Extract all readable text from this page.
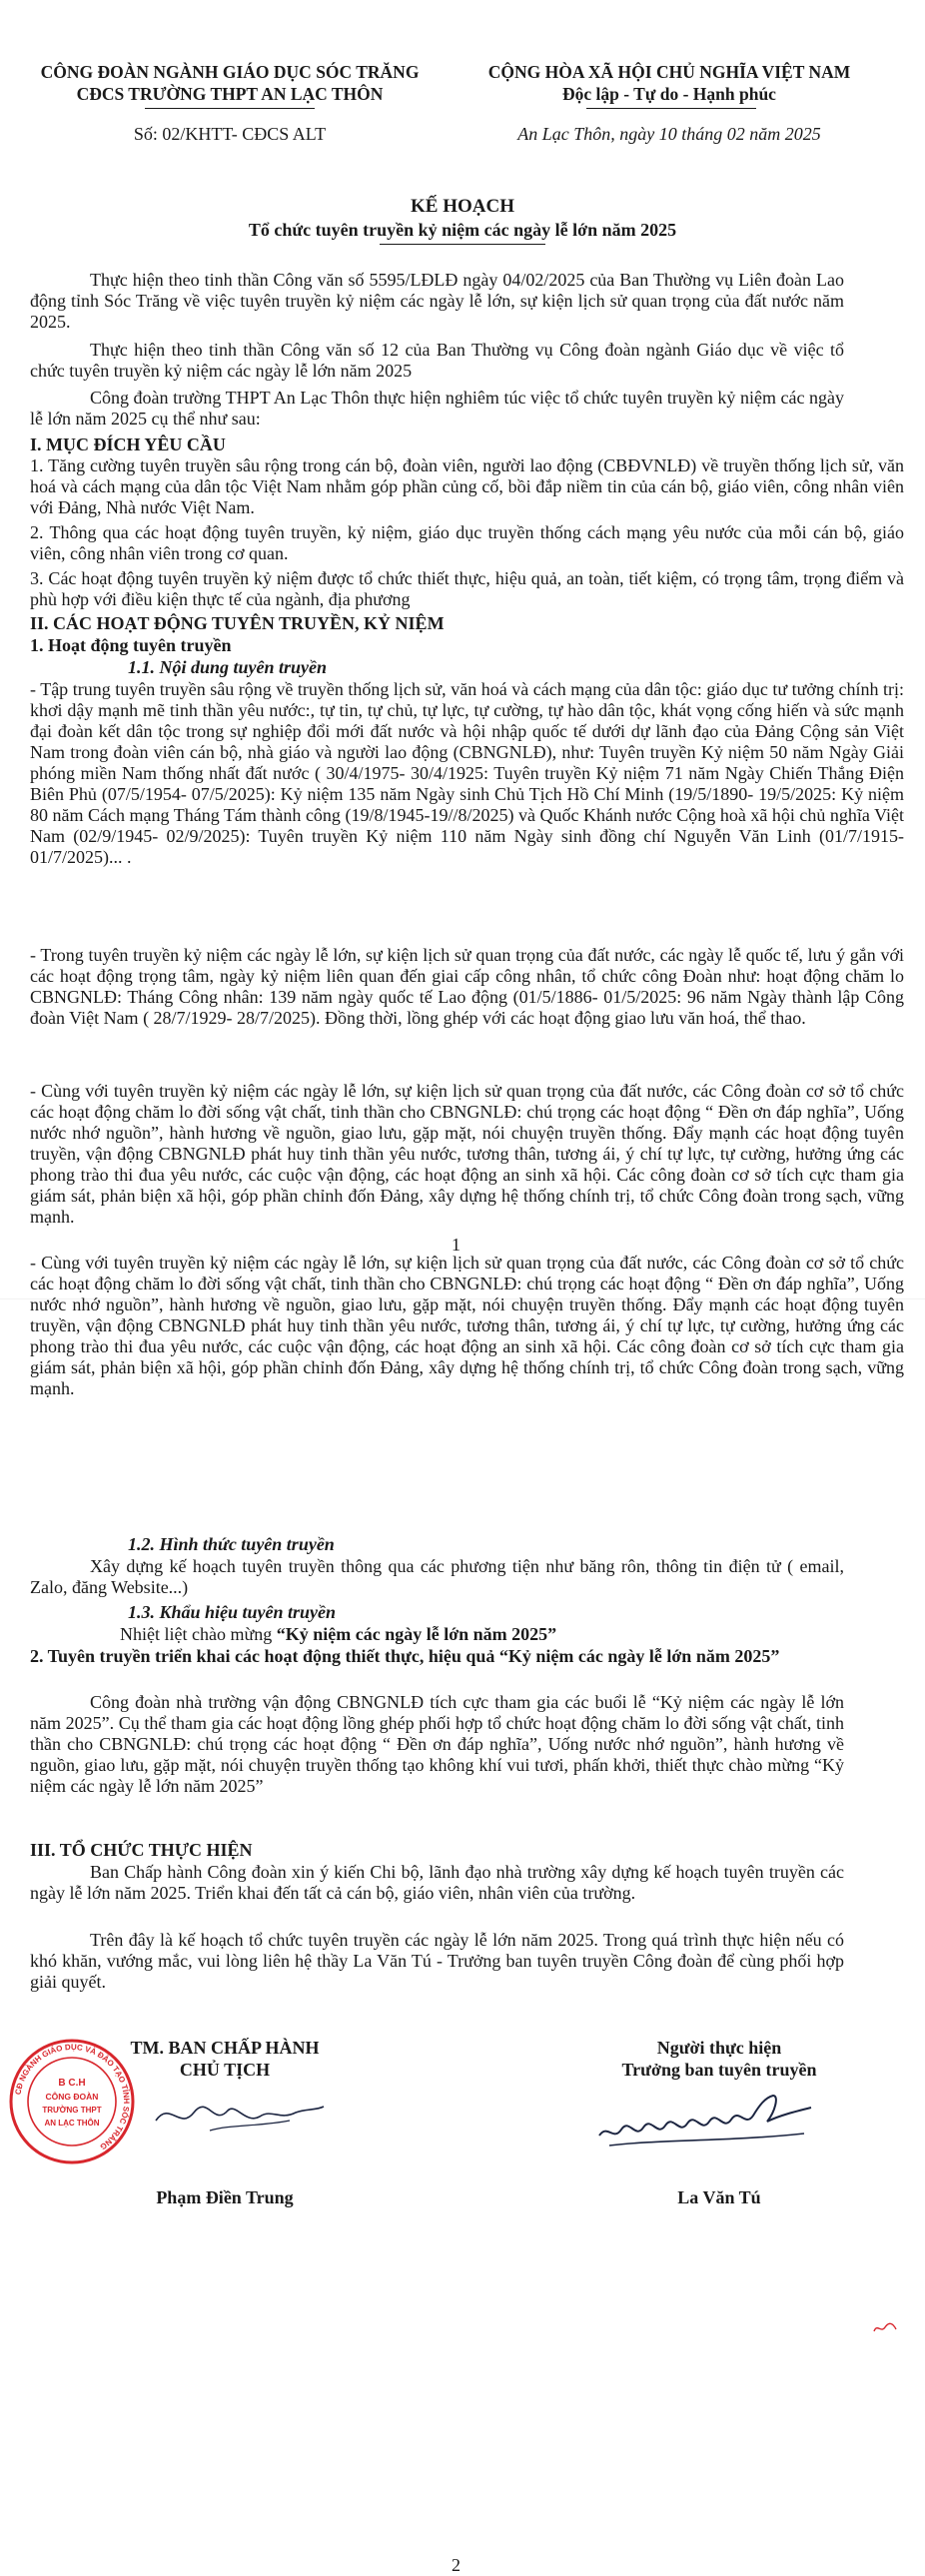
CÔNG ĐOÀN NGÀNH GIÁO DỤC SÓC TRĂNG

CĐCS TRƯỜNG THPT AN LẠC THÔN

Số: 02/KHTT- CĐCS ALT

CỘNG HÒA XÃ HỘI CHỦ NGHĨA VIỆT NAM

Độc lập - Tự do - Hạnh phúc

An Lạc Thôn, ngày 10 tháng 02 năm 2025

KẾ HOẠCH

Tổ chức tuyên truyền kỷ niệm các ngày lễ lớn năm 2025

Thực hiện theo tinh thần Công văn số 5595/LĐLĐ ngày 04/02/2025 của Ban Thường vụ Liên đoàn Lao động tỉnh Sóc Trăng về việc tuyên truyền kỷ niệm các ngày lễ lớn, sự kiện lịch sử quan trọng của đất nước năm 2025.

Thực hiện theo tinh thần Công văn số 12 của Ban Thường vụ Công đoàn ngành Giáo dục về việc tổ chức tuyên truyền kỷ niệm các ngày lễ lớn năm 2025

Công đoàn trường THPT An Lạc Thôn thực hiện nghiêm túc việc tổ chức tuyên truyền kỷ niệm các ngày lễ lớn năm 2025 cụ thể như sau:

I. MỤC ĐÍCH YÊU CẦU

1. Tăng cường tuyên truyền sâu rộng trong cán bộ, đoàn viên, người lao động (CBĐVNLĐ) về truyền thống lịch sử, văn hoá và cách mạng của dân tộc Việt Nam nhằm góp phần củng cố, bồi đắp niềm tin của cán bộ, giáo viên, công nhân viên với Đảng, Nhà nước Việt Nam.

2. Thông qua các hoạt động tuyên truyền, kỷ niệm, giáo dục truyền thống cách mạng yêu nước của mỗi cán bộ, giáo viên, công nhân viên trong cơ quan.

3. Các hoạt động tuyên truyền kỷ niệm được tổ chức thiết thực, hiệu quả, an toàn, tiết kiệm, có trọng tâm, trọng điểm và phù hợp với điều kiện thực tế của ngành, địa phương

II. CÁC HOẠT ĐỘNG TUYÊN TRUYỀN, KỶ NIỆM

1. Hoạt động tuyên truyền

1.1. Nội dung tuyên truyền

- Tập trung tuyên truyền sâu rộng về truyền thống lịch sử, văn hoá và cách mạng của dân tộc: giáo dục tư tưởng chính trị: khơi dậy mạnh mẽ tinh thần yêu nước:, tự tin, tự chủ, tự lực, tự cường, tự hào dân tộc, khát vọng cống hiến và sức mạnh đại đoàn kết dân tộc trong sự nghiệp đổi mới đất nước và hội nhập quốc tế dưới dự lãnh đạo của Đảng Cộng sản Việt Nam trong đoàn viên cán bộ, nhà giáo và người lao động (CBNGNLĐ), như: Tuyên truyền Kỷ niệm 50 năm Ngày Giải phóng miền Nam thống nhất đất nước ( 30/4/1975- 30/4/1925: Tuyên truyền Kỷ niệm 71 năm Ngày Chiến Thắng Điện Biên Phủ (07/5/1954- 07/5/2025): Kỷ niệm 135 năm Ngày sinh Chủ Tịch Hồ Chí Minh (19/5/1890- 19/5/2025: Kỷ niệm 80 năm Cách mạng Tháng Tám thành công (19/8/1945-19//8/2025) và Quốc Khánh nước Cộng hoà xã hội chủ nghĩa Việt Nam (02/9/1945- 02/9/2025): Tuyên truyền Kỷ niệm 110 năm Ngày sinh đồng chí Nguyễn Văn Linh (01/7/1915- 01/7/2025)... .

- Trong tuyên truyền kỷ niệm các ngày lễ lớn, sự kiện lịch sử quan trọng của đất nước, các ngày lễ quốc tế, lưu ý gắn với các hoạt động trọng tâm, ngày kỷ niệm liên quan đến giai cấp công nhân, tổ chức công Đoàn như: hoạt động chăm lo CBNGNLĐ: Tháng Công nhân: 139 năm ngày quốc tế Lao động (01/5/1886- 01/5/2025: 96 năm Ngày thành lập Công đoàn Việt Nam ( 28/7/1929- 28/7/2025). Đồng thời, lồng ghép với các hoạt động giao lưu văn hoá, thể thao.

- Cùng với tuyên truyền kỷ niệm các ngày lễ lớn, sự kiện lịch sử quan trọng của đất nước, các Công đoàn cơ sở tổ chức các hoạt động chăm lo đời sống vật chất, tinh thần cho CBNGNLĐ: chú trọng các hoạt động “ Đền ơn đáp nghĩa”, Uống nước nhớ nguồn”, hành hương về nguồn, giao lưu, gặp mặt, nói chuyện truyền thống. Đẩy mạnh các hoạt động tuyên truyền, vận động CBNGNLĐ phát huy tinh thần yêu nước, tương thân, tương ái, ý chí tự lực, tự cường, hưởng ứng các phong trào thi đua yêu nước, các cuộc vận động, các hoạt động an sinh xã hội. Các công đoàn cơ sở tích cực tham gia giám sát, phản biện xã hội, góp phần chỉnh đốn Đảng, xây dựng hệ thống chính trị, tổ chức Công đoàn trong sạch, vững mạnh.

1

- Cùng với tuyên truyền kỷ niệm các ngày lễ lớn, sự kiện lịch sử quan trọng của đất nước, các Công đoàn cơ sở tổ chức các hoạt động chăm lo đời sống vật chất, tinh thần cho CBNGNLĐ: chú trọng các hoạt động “ Đền ơn đáp nghĩa”, Uống nước nhớ nguồn”, hành hương về nguồn, giao lưu, gặp mặt, nói chuyện truyền thống. Đẩy mạnh các hoạt động tuyên truyền, vận động CBNGNLĐ phát huy tinh thần yêu nước, tương thân, tương ái, ý chí tự lực, tự cường, hưởng ứng các phong trào thi đua yêu nước, các cuộc vận động, các hoạt động an sinh xã hội. Các công đoàn cơ sở tích cực tham gia giám sát, phản biện xã hội, góp phần chỉnh đốn Đảng, xây dựng hệ thống chính trị, tổ chức Công đoàn trong sạch, vững mạnh.

1.2. Hình thức tuyên truyền

Xây dựng kế hoạch tuyên truyền thông qua các phương tiện như băng rôn, thông tin điện tử ( email, Zalo, đăng Website...)

1.3. Khẩu hiệu tuyên truyền

Nhiệt liệt chào mừng “Kỷ niệm các ngày lễ lớn năm 2025”

2. Tuyên truyền triển khai các hoạt động thiết thực, hiệu quả “Kỷ niệm các ngày lễ lớn năm 2025”

Công đoàn nhà trường vận động CBNGNLĐ tích cực tham gia các buổi lễ “Kỷ niệm các ngày lễ lớn năm 2025”. Cụ thể tham gia các hoạt động lồng ghép phối hợp tổ chức hoạt động chăm lo đời sống vật chất, tinh thần cho CBNGNLĐ: chú trọng các hoạt động “ Đền ơn đáp nghĩa”, Uống nước nhớ nguồn”, hành hương về nguồn, giao lưu, gặp mặt, nói chuyện truyền thống tạo không khí vui tươi, phấn khởi, thiết thực chào mừng “Kỷ niệm các ngày lễ lớn năm 2025”

III. TỔ CHỨC THỰC HIỆN

Ban Chấp hành Công đoàn xin ý kiến Chi bộ, lãnh đạo nhà trường xây dựng kế hoạch tuyên truyền các ngày lễ lớn năm 2025. Triển khai đến tất cả cán bộ, giáo viên, nhân viên của trường.

Trên đây là kế hoạch tổ chức tuyên truyền các ngày lễ lớn năm 2025. Trong quá trình thực hiện nếu có khó khăn, vướng mắc, vui lòng liên hệ thầy La Văn Tú - Trưởng ban tuyên truyền Công đoàn để cùng phối hợp giải quyết.

TM. BAN CHẤP HÀNH

CHỦ TỊCH

Phạm Điền Trung

Người thực hiện

Trưởng ban tuyên truyền

La Văn Tú

2

CĐ NGÀNH GIÁO DỤC VÀ ĐÀO TẠO TỈNH SÓC TRĂNG
B C.H
CÔNG ĐOÀN
TRƯỜNG THPT
AN LẠC THÔN
